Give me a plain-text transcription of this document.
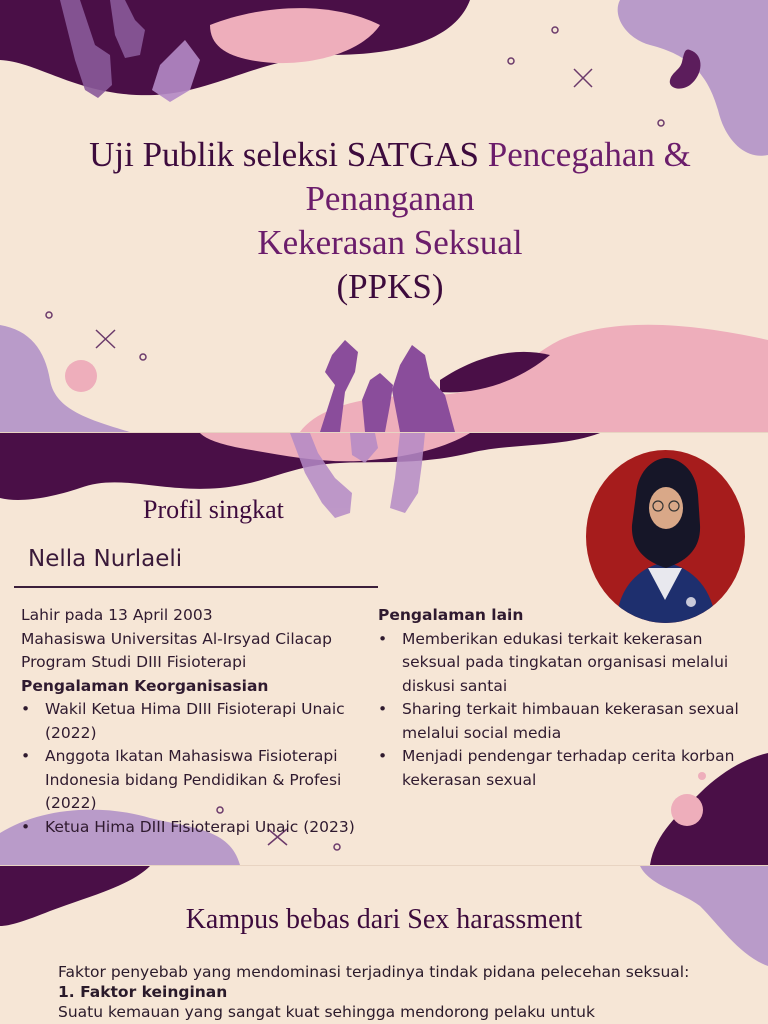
Uji Publik seleksi SATGAS Pencegahan &
Penanganan
Kekerasan Seksual
(PPKS)
Profil singkat
Nella Nurlaeli
Lahir pada 13 April 2003
Mahasiswa Universitas Al-Irsyad Cilacap
Program Studi DIII Fisioterapi
Pengalaman Keorganisasian
• Wakil Ketua Hima DIII Fisioterapi Unaic (2022)
• Anggota Ikatan Mahasiswa Fisioterapi Indonesia bidang Pendidikan & Profesi (2022)
• Ketua Hima DIII Fisioterapi Unaic (2023)
Pengalaman lain
• Memberikan edukasi terkait kekerasan seksual pada tingkatan organisasi melalui diskusi santai
• Sharing terkait himbauan kekerasan sexual melalui social media
• Menjadi pendengar terhadap cerita korban kekerasan sexual
Kampus bebas dari Sex harassment
Faktor penyebab yang mendominasi terjadinya tindak pidana pelecehan seksual:
1. Faktor keinginan
Suatu kemauan yang sangat kuat sehingga mendorong pelaku untuk
